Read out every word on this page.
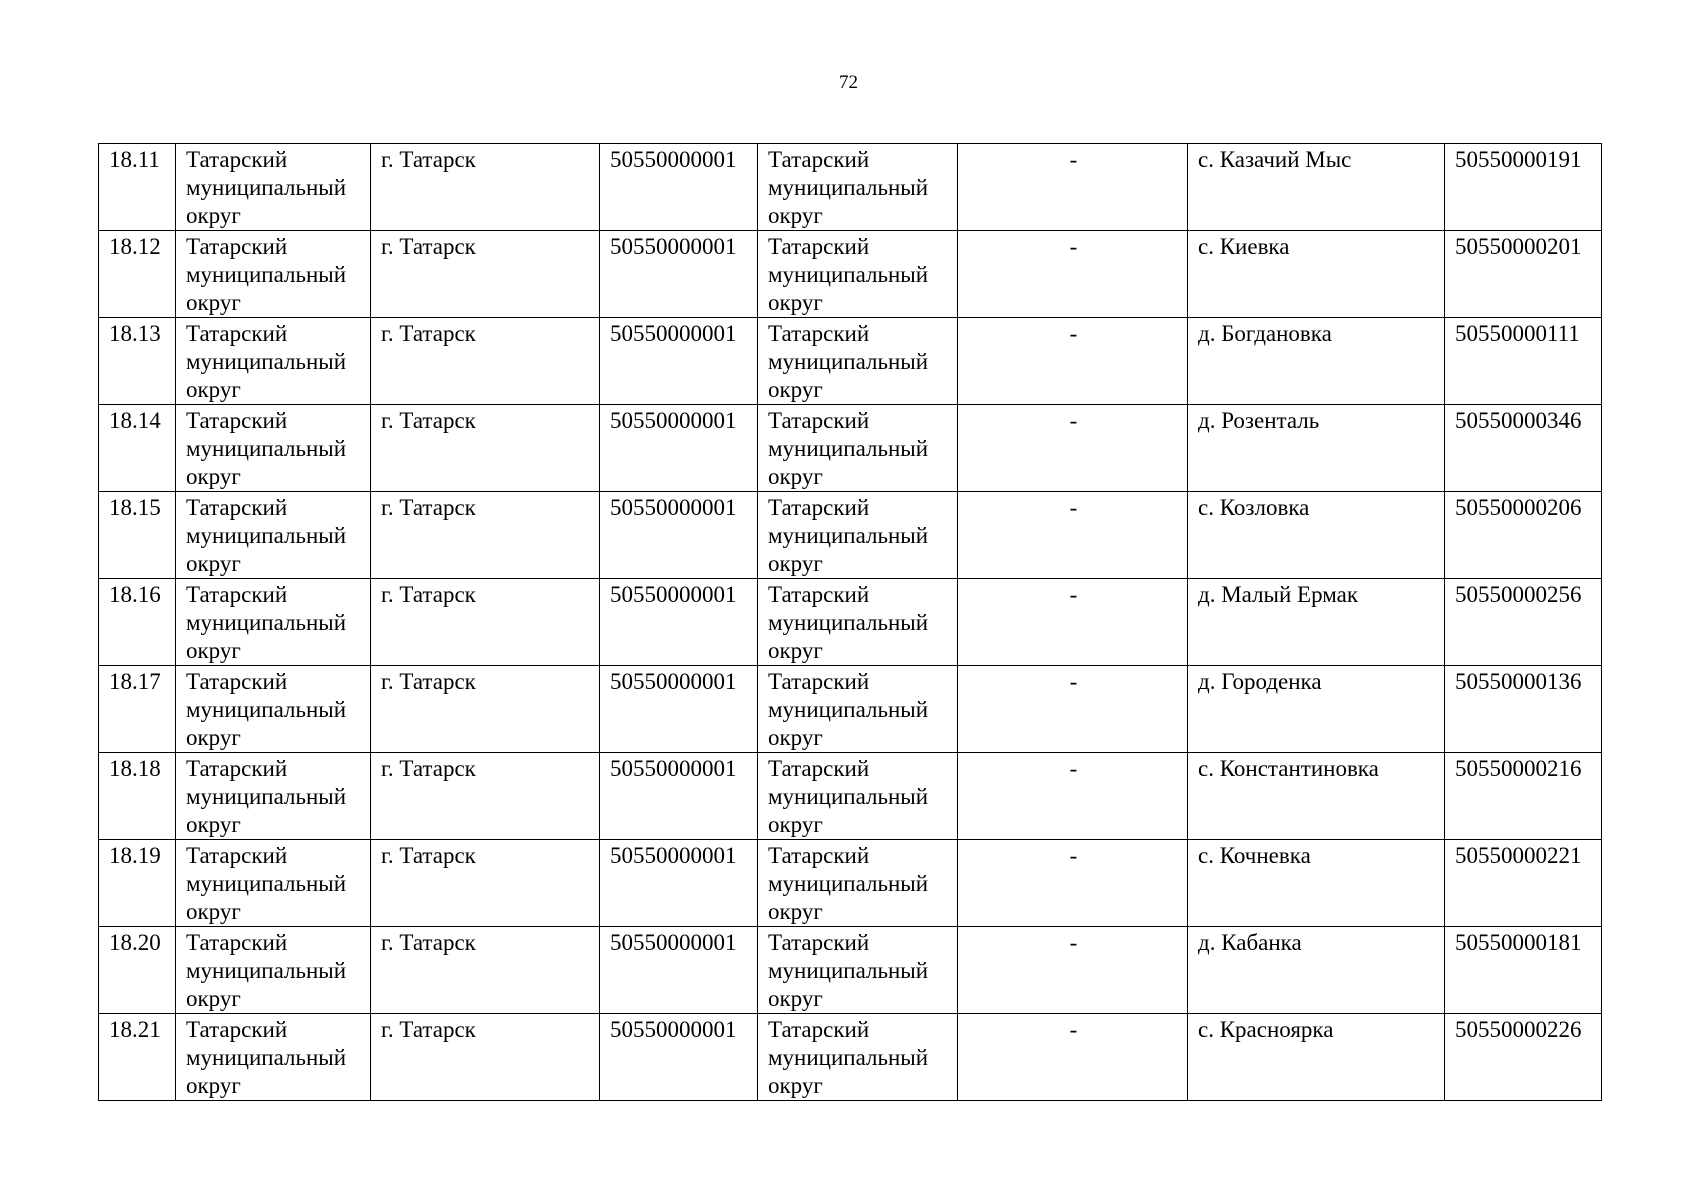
72
18.11	Татарский муниципальный округ	г. Татарск	50550000001	Татарский муниципальный округ	-	с. Казачий Мыс	50550000191
18.12	Татарский муниципальный округ	г. Татарск	50550000001	Татарский муниципальный округ	-	с. Киевка	50550000201
18.13	Татарский муниципальный округ	г. Татарск	50550000001	Татарский муниципальный округ	-	д. Богдановка	50550000111
18.14	Татарский муниципальный округ	г. Татарск	50550000001	Татарский муниципальный округ	-	д. Розенталь	50550000346
18.15	Татарский муниципальный округ	г. Татарск	50550000001	Татарский муниципальный округ	-	с. Козловка	50550000206
18.16	Татарский муниципальный округ	г. Татарск	50550000001	Татарский муниципальный округ	-	д. Малый Ермак	50550000256
18.17	Татарский муниципальный округ	г. Татарск	50550000001	Татарский муниципальный округ	-	д. Городенка	50550000136
18.18	Татарский муниципальный округ	г. Татарск	50550000001	Татарский муниципальный округ	-	с. Константиновка	50550000216
18.19	Татарский муниципальный округ	г. Татарск	50550000001	Татарский муниципальный округ	-	с. Кочневка	50550000221
18.20	Татарский муниципальный округ	г. Татарск	50550000001	Татарский муниципальный округ	-	д. Кабанка	50550000181
18.21	Татарский муниципальный округ	г. Татарск	50550000001	Татарский муниципальный округ	-	с. Красноярка	50550000226
